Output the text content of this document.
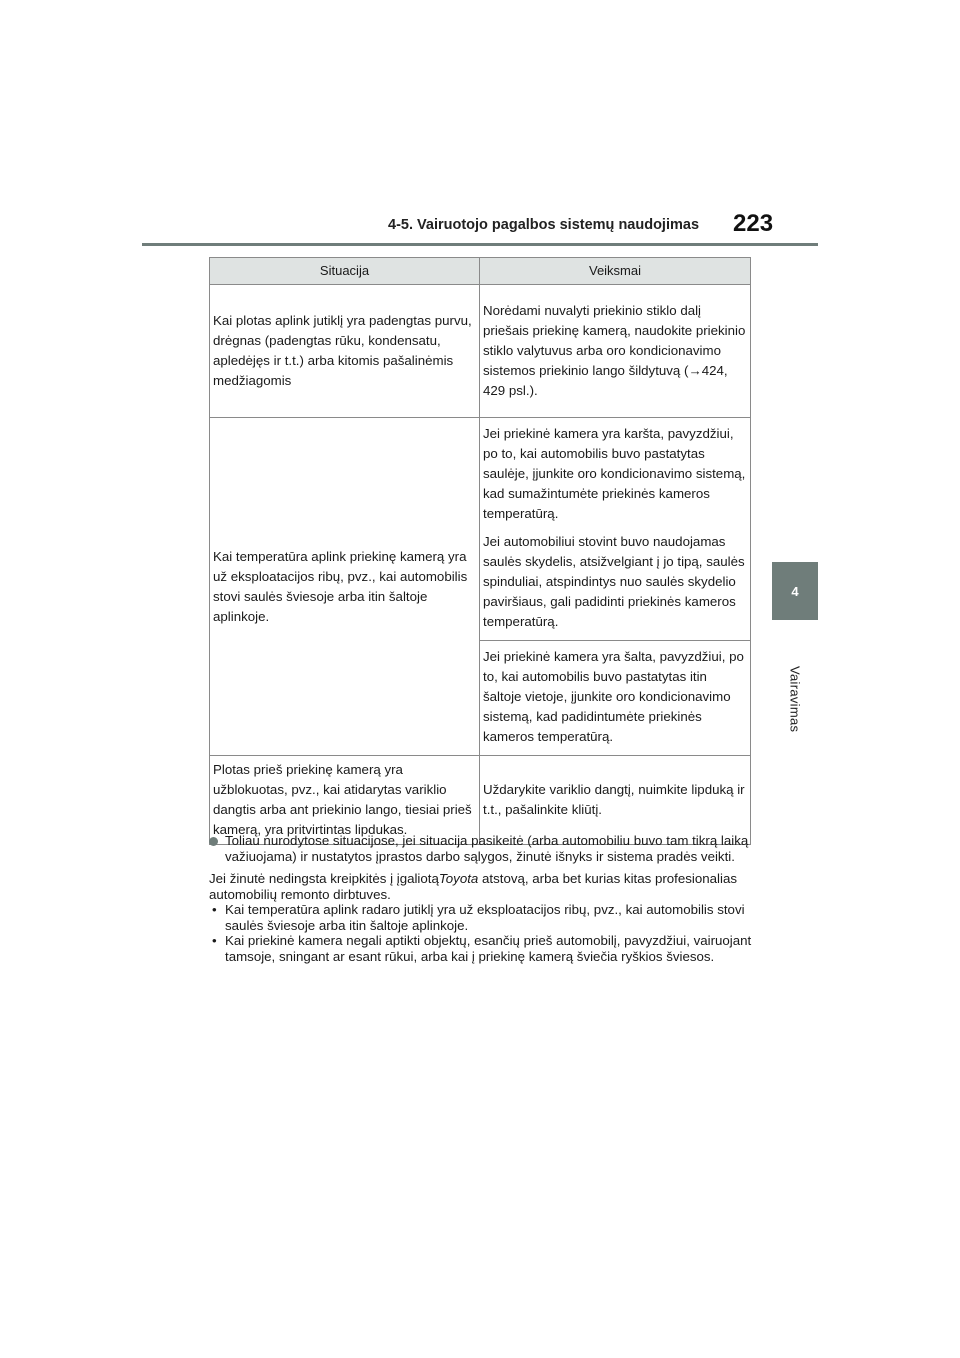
4-5. Vairuotojo pagalbos sistemų naudojimas 223
4
Vairavimas
Situacija	Veiksmai

Kai plotas aplink jutiklį yra padengtas purvu, drėgnas (padengtas rūku, kondensatu, apledėjęs ir t.t.) arba kitomis pašalinėmis medžiagomis	Norėdami nuvalyti priekinio stiklo dalį priešais priekinę kamerą, naudokite priekinio stiklo valytuvus arba oro kondicionavimo sistemos priekinio lango šildytuvą (→424, 429 psl.).

Kai temperatūra aplink priekinę kamerą yra už eksploatacijos ribų, pvz., kai automobilis stovi saulės šviesoje arba itin šaltoje aplinkoje.	Jei priekinė kamera yra karšta, pavyzdžiui, po to, kai automobilis buvo pastatytas saulėje, įjunkite oro kondicionavimo sistemą, kad sumažintumėte priekinės kameros temperatūrą.

Jei automobiliui stovint buvo naudojamas saulės skydelis, atsižvelgiant į jo tipą, saulės spinduliai, atspindintys nuo saulės skydelio paviršiaus, gali padidinti priekinės kameros temperatūrą.

Jei priekinė kamera yra šalta, pavyzdžiui, po to, kai automobilis buvo pastatytas itin šaltoje vietoje, įjunkite oro kondicionavimo sistemą, kad padidintumėte priekinės kameros temperatūrą.

Plotas prieš priekinę kamerą yra užblokuotas, pvz., kai atidarytas variklio dangtis arba ant priekinio lango, tiesiai prieš kamerą, yra pritvirtintas lipdukas.	Uždarykite variklio dangtį, nuimkite lipduką ir t.t., pašalinkite kliūtį.

Toliau nurodytose situacijose, jei situacija pasikeitė (arba automobiliu buvo tam tikrą laiką važiuojama) ir nustatytos įprastos darbo sąlygos, žinutė išnyks ir sistema pradės veikti.

Jei žinutė nedingsta kreipkitės į įgaliotąToyota atstovą, arba bet kurias kitas profesionalias automobilių remonto dirbtuves.

• Kai temperatūra aplink radaro jutiklį yra už eksploatacijos ribų, pvz., kai automobilis stovi saulės šviesoje arba itin šaltoje aplinkoje.

• Kai priekinė kamera negali aptikti objektų, esančių prieš automobilį, pavyzdžiui, vairuojant tamsoje, sningant ar esant rūkui, arba kai į priekinę kamerą šviečia ryškios šviesos.
